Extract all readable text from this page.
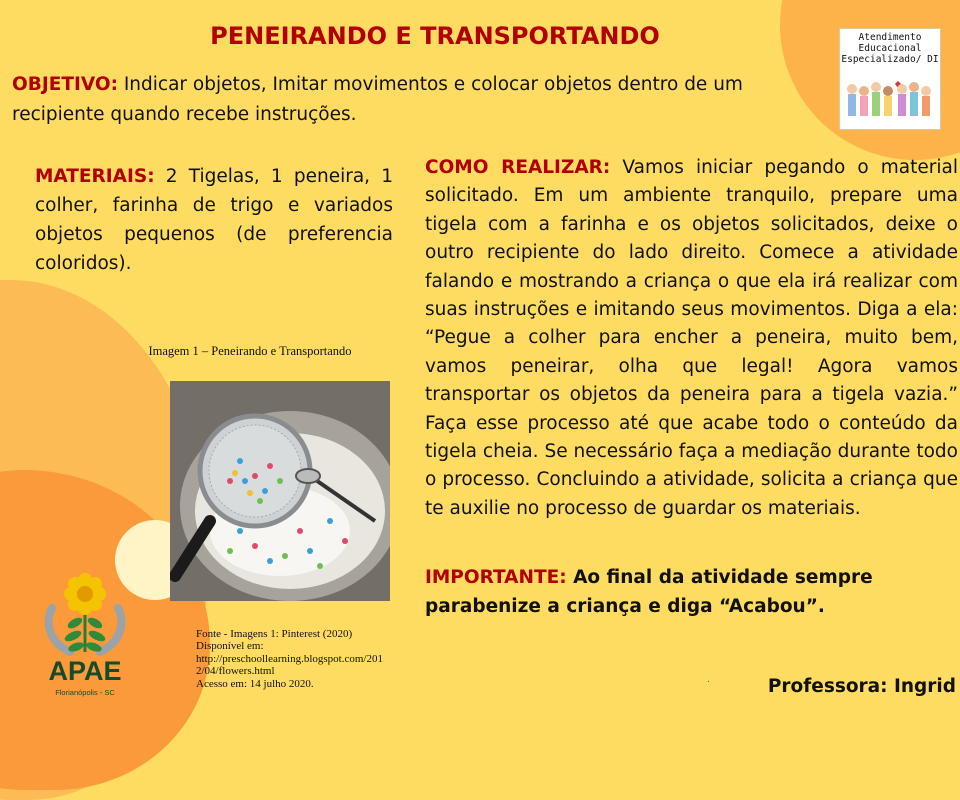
PENEIRANDO E TRANSPORTANDO
OBJETIVO: Indicar objetos, Imitar movimentos e colocar objetos dentro de um recipiente quando recebe instruções.
Atendimento
Educacional
Especializado/ DI
MATERIAIS: 2 Tigelas, 1 peneira, 1 colher, farinha de trigo e variados objetos pequenos (de preferencia coloridos).
COMO REALIZAR: Vamos iniciar pegando o material solicitado. Em um ambiente tranquilo, prepare uma tigela com a farinha e os objetos solicitados, deixe o outro recipiente do lado direito. Comece a atividade falando e mostrando a criança o que ela irá realizar com suas instruções e imitando seus movimentos. Diga a ela: “Pegue a colher para encher a peneira, muito bem, vamos peneirar, olha que legal! Agora vamos transportar os objetos da peneira para a tigela vazia.” Faça esse processo até que acabe todo o conteúdo da tigela cheia. Se necessário faça a mediação durante todo o processo. Concluindo a atividade, solicita a criança que te auxilie no processo de guardar os materiais.
Imagem 1 – Peneirando e Transportando
Fonte - Imagens 1: Pinterest (2020)
Disponível em:
http://preschoollearning.blogspot.com/201
2/04/flowers.html
Acesso em: 14 julho 2020.
IMPORTANTE: Ao final da atividade sempre parabenize a criança e diga “Acabou”.
APAE
Florianópolis - SC
.	Professora: Ingrid
